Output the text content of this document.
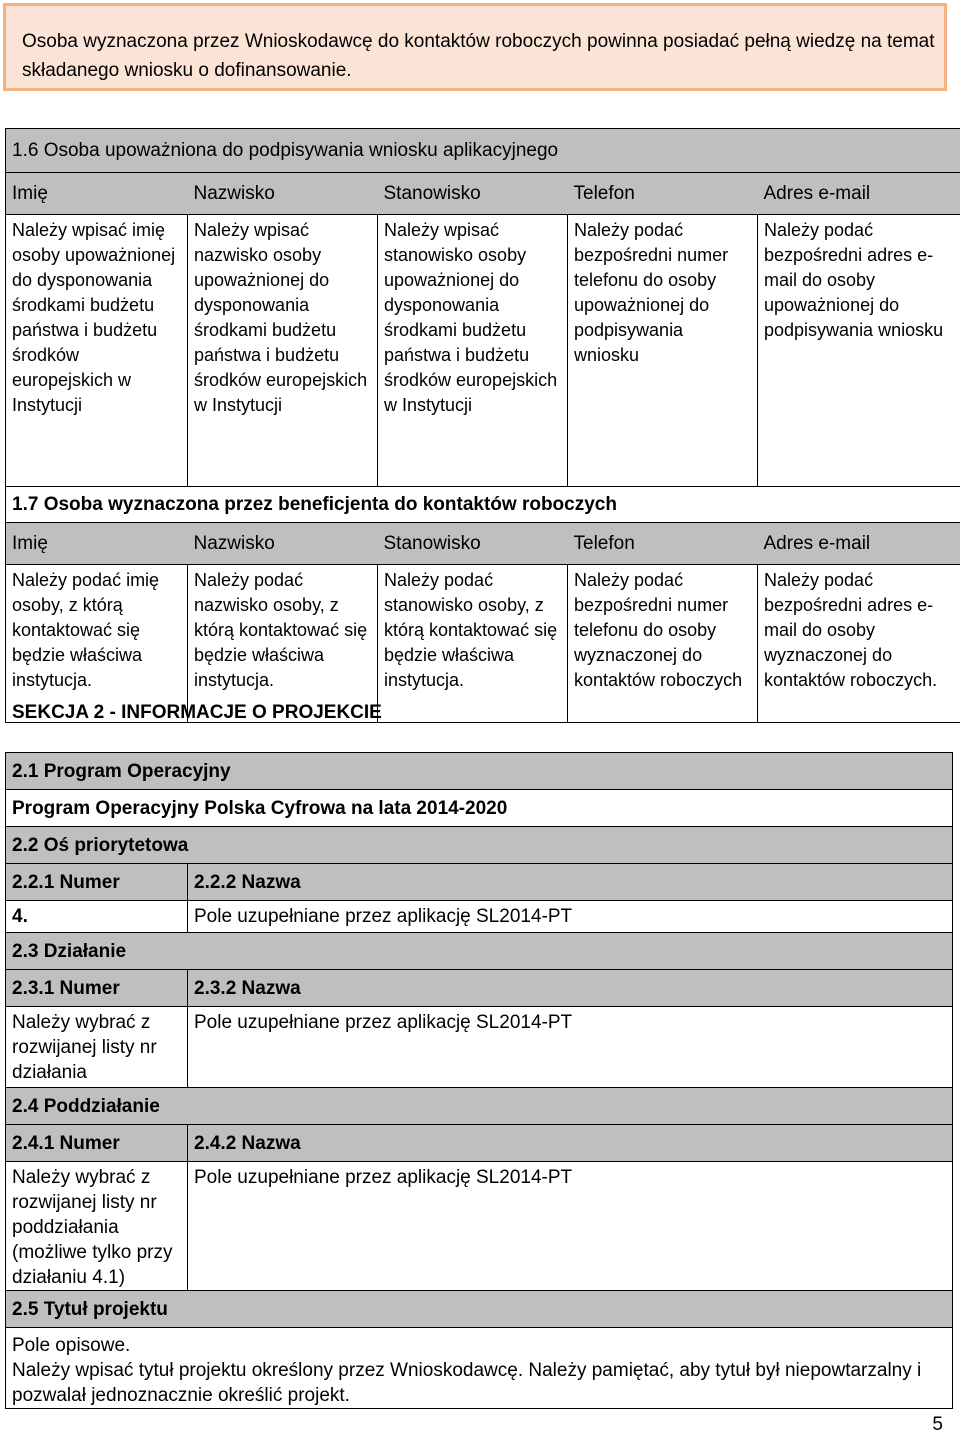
Osoba wyznaczona przez Wnioskodawcę do kontaktów roboczych powinna posiadać pełną wiedzę na temat składanego wniosku o dofinansowanie.
1.6 Osoba upoważniona do podpisywania wniosku aplikacyjnego				
Imię	Nazwisko	Stanowisko	Telefon	Adres e-mail
Należy wpisać imię osoby upoważnionej do dysponowania środkami budżetu państwa i budżetu środków europejskich w Instytucji	Należy wpisać nazwisko osoby upoważnionej do dysponowania środkami budżetu państwa i budżetu środków europejskich w Instytucji	Należy wpisać stanowisko osoby upoważnionej do dysponowania środkami budżetu państwa i budżetu środków europejskich w Instytucji	Należy podać bezpośredni numer telefonu do osoby upoważnionej do podpisywania wniosku	Należy podać bezpośredni adres e-mail do osoby upoważnionej do podpisywania wniosku
1.7 Osoba wyznaczona przez beneficjenta do kontaktów roboczych				
Imię	Nazwisko	Stanowisko	Telefon	Adres e-mail
Należy podać imię osoby, z którą kontaktować się będzie właściwa instytucja.	Należy podać nazwisko osoby, z którą kontaktować się będzie właściwa instytucja.	Należy podać stanowisko osoby, z którą kontaktować się będzie właściwa instytucja.	Należy podać bezpośredni numer telefonu do osoby wyznaczonej do kontaktów roboczych	Należy podać bezpośredni adres e-mail do osoby wyznaczonej do kontaktów roboczych.
SEKCJA 2 - INFORMACJE O PROJEKCIE
2.1 Program Operacyjny	
Program Operacyjny Polska Cyfrowa na lata 2014-2020	
2.2 Oś priorytetowa	
2.2.1 Numer	2.2.2 Nazwa
4.	Pole uzupełniane przez aplikację SL2014-PT
2.3 Działanie	
2.3.1 Numer	2.3.2 Nazwa
Należy wybrać z rozwijanej listy nr działania	Pole uzupełniane przez aplikację SL2014-PT
2.4 Poddziałanie	
2.4.1 Numer	2.4.2 Nazwa
Należy wybrać z rozwijanej listy nr poddziałania (możliwe tylko przy działaniu 4.1)	Pole uzupełniane przez aplikację SL2014-PT
2.5 Tytuł projektu	

Pole opisowe.
Należy wpisać tytuł projektu określony przez Wnioskodawcę. Należy pamiętać, aby tytuł był niepowtarzalny i pozwalał jednoznacznie określić projekt.	
5
